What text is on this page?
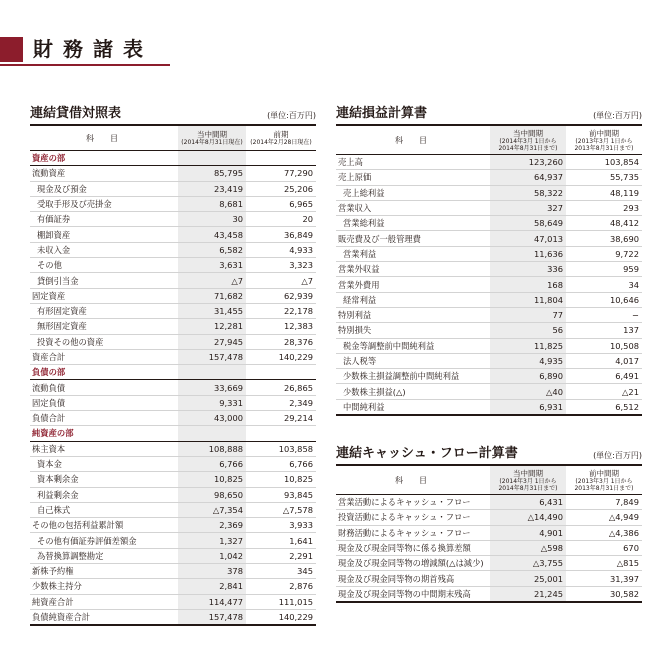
財務諸表
連結貸借対照表	(単位:百万円)
科　目	当中間期
(2014年8月31日現在)
前期
(2014年2月28日現在)
資産の部		
流動資産	85,795	77,290
現金及び預金	23,419	25,206
受取手形及び売掛金	8,681	6,965
有価証券	30	20
棚卸資産	43,458	36,849
未収入金	6,582	4,933
その他	3,631	3,323
貸倒引当金	△7	△7
固定資産	71,682	62,939
有形固定資産	31,455	22,178
無形固定資産	12,281	12,383
投資その他の資産	27,945	28,376
資産合計	157,478	140,229
負債の部		
流動負債	33,669	26,865
固定負債	9,331	2,349
負債合計	43,000	29,214
純資産の部		
株主資本	108,888	103,858
資本金	6,766	6,766
資本剰余金	10,825	10,825
利益剰余金	98,650	93,845
自己株式	△7,354	△7,578
その他の包括利益累計額	2,369	3,933
その他有価証券評価差額金	1,327	1,641
為替換算調整勘定	1,042	2,291
新株予約権	378	345
少数株主持分	2,841	2,876
純資産合計	114,477	111,015
負債純資産合計	157,478	140,229
連結損益計算書	(単位:百万円)
科　目
当中間期
(2014年3月 1日から
2014年8月31日まで)
前中間期
(2013年3月 1日から
2013年8月31日まで)
売上高	123,260	103,854
売上原価	64,937	55,735
売上総利益	58,322	48,119
営業収入	327	293
営業総利益	58,649	48,412
販売費及び一般管理費	47,013	38,690
営業利益	11,636	9,722
営業外収益	336	959
営業外費用	168	34
経常利益	11,804	10,646
特別利益	77	−
特別損失	56	137
税金等調整前中間純利益	11,825	10,508
法人税等	4,935	4,017
少数株主損益調整前中間純利益	6,890	6,491
少数株主損益(△)	△40	△21
中間純利益	6,931	6,512
連結キャッシュ・フロー計算書	(単位:百万円)
科　目
当中間期
(2014年3月 1日から
2014年8月31日まで)
前中間期
(2013年3月 1日から
2013年8月31日まで)
営業活動によるキャッシュ・フロー	6,431	7,849
投資活動によるキャッシュ・フロー	△14,490	△4,949
財務活動によるキャッシュ・フロー	4,901	△4,386
現金及び現金同等物に係る換算差額	△598	670
現金及び現金同等物の増減額(△は減少)	△3,755	△815
現金及び現金同等物の期首残高	25,001	31,397
現金及び現金同等物の中間期末残高	21,245	30,582
